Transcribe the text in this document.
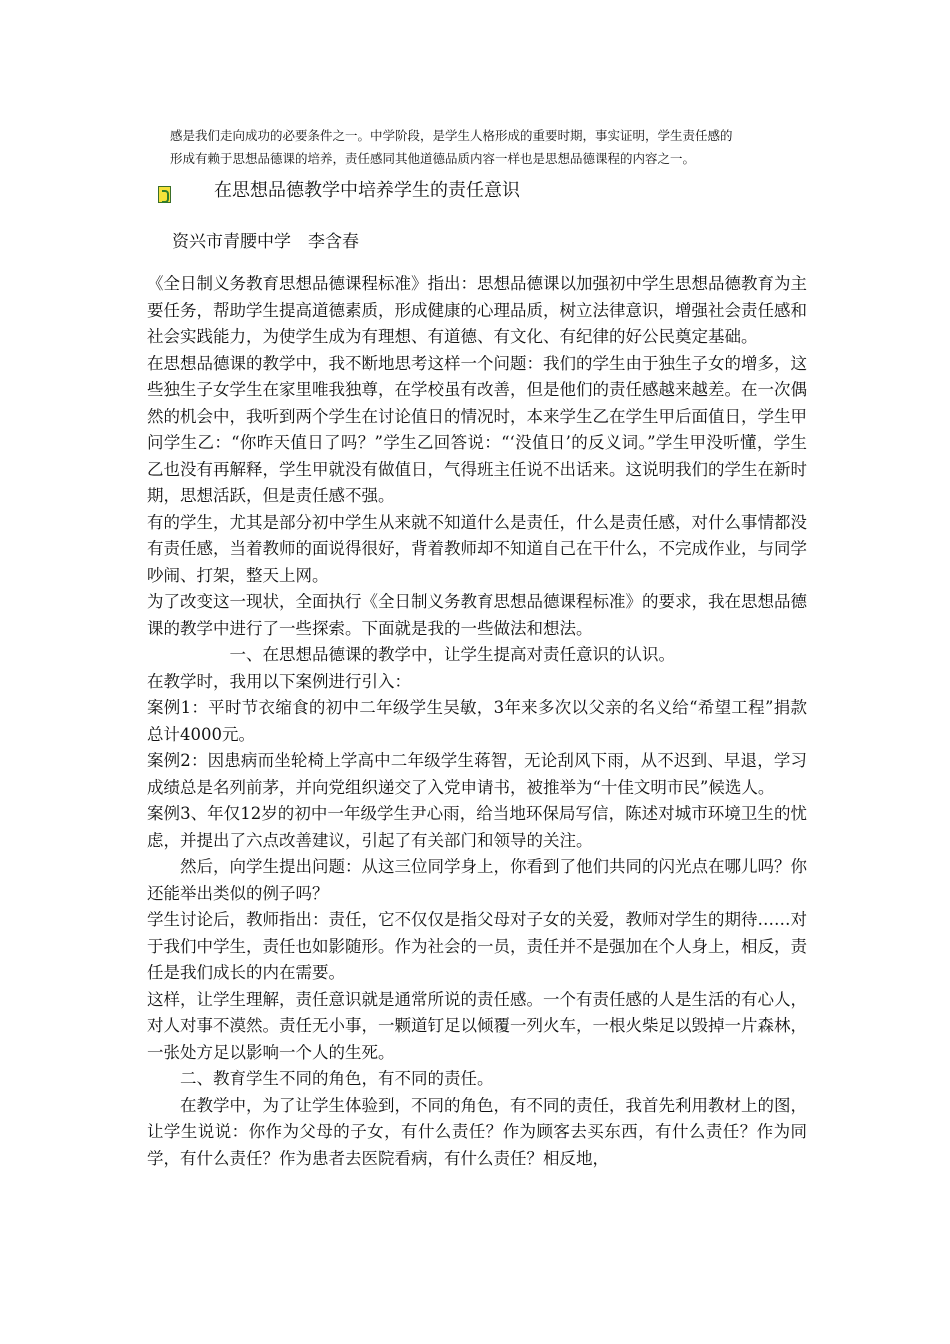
感是我们走向成功的必要条件之一。中学阶段，是学生人格形成的重要时期，事实证明，学生责任感的

形成有赖于思想品德课的培养，责任感同其他道德品质内容一样也是思想品德课程的内容之一。

在思想品德教学中培养学生的责任意识

资兴市青腰中学 李含春

《全日制义务教育思想品德课程标准》指出：思想品德课以加强初中学生思想品德教育为主要任务，帮助学生提高道德素质，形成健康的心理品质，树立法律意识，增强社会责任感和社会实践能力，为使学生成为有理想、有道德、有文化、有纪律的好公民奠定基础。

在思想品德课的教学中，我不断地思考这样一个问题：我们的学生由于独生子女的增多，这些独生子女学生在家里唯我独尊，在学校虽有改善，但是他们的责任感越来越差。在一次偶然的机会中，我听到两个学生在讨论值日的情况时，本来学生乙在学生甲后面值日，学生甲问学生乙：“你昨天值日了吗？”学生乙回答说：“‘没值日’的反义词。”学生甲没听懂，学生乙也没有再解释，学生甲就没有做值日，气得班主任说不出话来。这说明我们的学生在新时期，思想活跃，但是责任感不强。

有的学生，尤其是部分初中学生从来就不知道什么是责任，什么是责任感，对什么事情都没有责任感，当着教师的面说得很好，背着教师却不知道自己在干什么，不完成作业，与同学吵闹、打架，整天上网。

为了改变这一现状，全面执行《全日制义务教育思想品德课程标准》的要求，我在思想品德课的教学中进行了一些探索。下面就是我的一些做法和想法。

一、在思想品德课的教学中，让学生提高对责任意识的认识。

在教学时，我用以下案例进行引入：

案例1：平时节衣缩食的初中二年级学生吴敏，3年来多次以父亲的名义给“希望工程”捐款总计4000元。

案例2：因患病而坐轮椅上学高中二年级学生蒋智，无论刮风下雨，从不迟到、早退，学习成绩总是名列前茅，并向党组织递交了入党申请书，被推举为“十佳文明市民”候选人。

案例3、年仅12岁的初中一年级学生尹心雨，给当地环保局写信，陈述对城市环境卫生的忧虑，并提出了六点改善建议，引起了有关部门和领导的关注。

然后，向学生提出问题：从这三位同学身上，你看到了他们共同的闪光点在哪儿吗？你还能举出类似的例子吗？

学生讨论后，教师指出：责任，它不仅仅是指父母对子女的关爱，教师对学生的期待……对于我们中学生，责任也如影随形。作为社会的一员，责任并不是强加在个人身上，相反，责任是我们成长的内在需要。

这样，让学生理解，责任意识就是通常所说的责任感。一个有责任感的人是生活的有心人，对人对事不漠然。责任无小事，一颗道钉足以倾覆一列火车，一根火柴足以毁掉一片森林，一张处方足以影响一个人的生死。

二、教育学生不同的角色，有不同的责任。

在教学中，为了让学生体验到，不同的角色，有不同的责任，我首先利用教材上的图，让学生说说：你作为父母的子女，有什么责任？作为顾客去买东西，有什么责任？作为同学，有什么责任？作为患者去医院看病，有什么责任？相反地，
